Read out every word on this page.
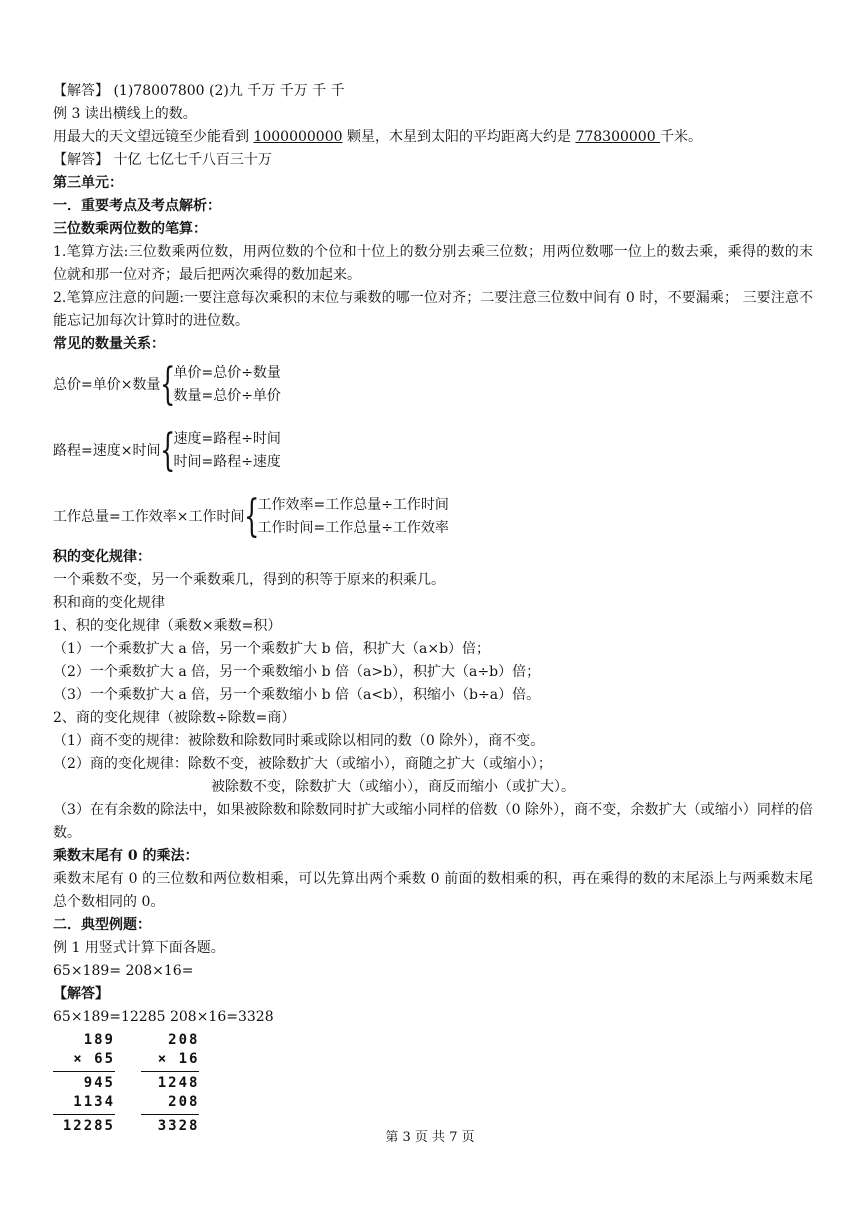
【解答】 (1)78007800 (2)九 千万 千万 千 千
例 3 读出横线上的数。
用最大的天文望远镜至少能看到 1000000000 颗星，木星到太阳的平均距离大约是 778300000 千米。
【解答】 十亿 七亿七千八百三十万
第三单元：
一．重要考点及考点解析：
三位数乘两位数的笔算：
1.笔算方法:三位数乘两位数，用两位数的个位和十位上的数分别去乘三位数；用两位数哪一位上的数去乘，乘得的数的末位就和那一位对齐；最后把两次乘得的数加起来。
2.笔算应注意的问题:一要注意每次乘积的末位与乘数的哪一位对齐；二要注意三位数中间有 0 时，不要漏乘； 三要注意不能忘记加每次计算时的进位数。
常见的数量关系：
总价=单价×数量 {
单价=总价÷数量
数量=总价÷单价
路程=速度×时间 {
速度=路程÷时间
时间=路程÷速度
工作总量=工作效率×工作时间 {
工作效率=工作总量÷工作时间
工作时间=工作总量÷工作效率
积的变化规律：
一个乘数不变，另一个乘数乘几，得到的积等于原来的积乘几。
积和商的变化规律
1、积的变化规律（乘数×乘数=积）
（1）一个乘数扩大 a 倍，另一个乘数扩大 b 倍，积扩大（a×b）倍；
（2）一个乘数扩大 a 倍，另一个乘数缩小 b 倍（a>b），积扩大（a÷b）倍；
（3）一个乘数扩大 a 倍，另一个乘数缩小 b 倍（a<b），积缩小（b÷a）倍。
2、商的变化规律（被除数÷除数=商）
（1）商不变的规律：被除数和除数同时乘或除以相同的数（0 除外），商不变。
（2）商的变化规律：除数不变，被除数扩大（或缩小），商随之扩大（或缩小）；
被除数不变，除数扩大（或缩小），商反而缩小（或扩大）。
（3）在有余数的除法中，如果被除数和除数同时扩大或缩小同样的倍数（0 除外），商不变，余数扩大（或缩小）同样的倍数。
乘数末尾有 0 的乘法：
乘数末尾有 0 的三位数和两位数相乘，可以先算出两个乘数 0 前面的数相乘的积，再在乘得的数的末尾添上与两乘数末尾总个数相同的 0。
二．典型例题：
例 1 用竖式计算下面各题。
65×189= 208×16=
【解答】
65×189=12285 208×16=3328
189
× 65
945
1134
12285

208
× 16
1248
208
3328
第 3 页 共 7 页
